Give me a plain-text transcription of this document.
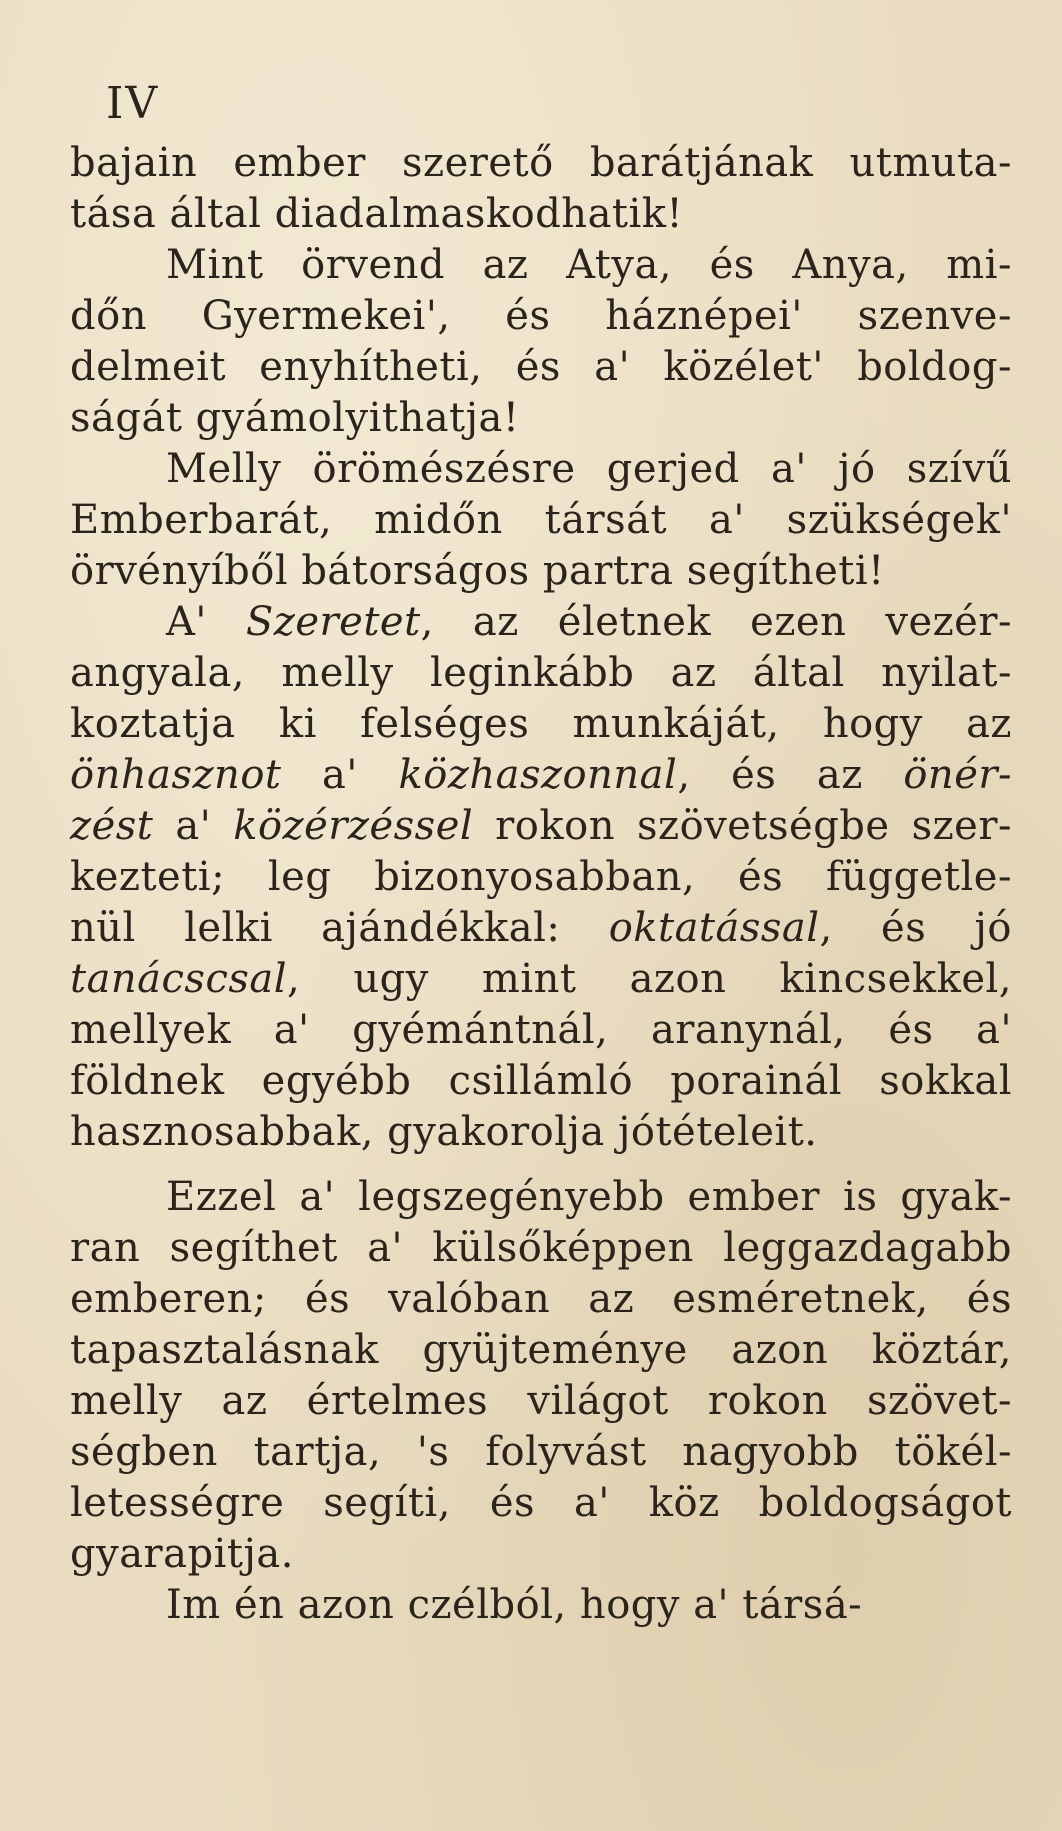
IV
bajain ember szerető barátjának utmuta-
tása által diadalmaskodhatik!
Mint örvend az Atya, és Anya, mi-
dőn Gyermekei', és háznépei' szenve-
delmeit enyhítheti, és a' közélet' boldog-
ságát gyámolyithatja!
Melly örömészésre gerjed a' jó szívű
Emberbarát, midőn társát a' szükségek'
örvényíből bátorságos partra segítheti!
A' Szeretet, az életnek ezen vezér-
angyala, melly leginkább az által nyilat-
koztatja ki felséges munkáját, hogy az
önhasznot a' közhaszonnal, és az önér-
zést a' közérzéssel rokon szövetségbe szer-
kezteti; leg bizonyosabban, és függetle-
nül lelki ajándékkal: oktatással, és jó
tanácscsal, ugy mint azon kincsekkel,
mellyek a' gyémántnál, aranynál, és a'
földnek egyébb csillámló porainál sokkal
hasznosabbak, gyakorolja jótételeit.
Ezzel a' legszegényebb ember is gyak-
ran segíthet a' külsőképpen leggazdagabb
emberen; és valóban az esméretnek, és
tapasztalásnak gyüjteménye azon köztár,
melly az értelmes világot rokon szövet-
ségben tartja, 's folyvást nagyobb tökél-
letességre segíti, és a' köz boldogságot
gyarapitja.
Im én azon czélból, hogy a' társá-
